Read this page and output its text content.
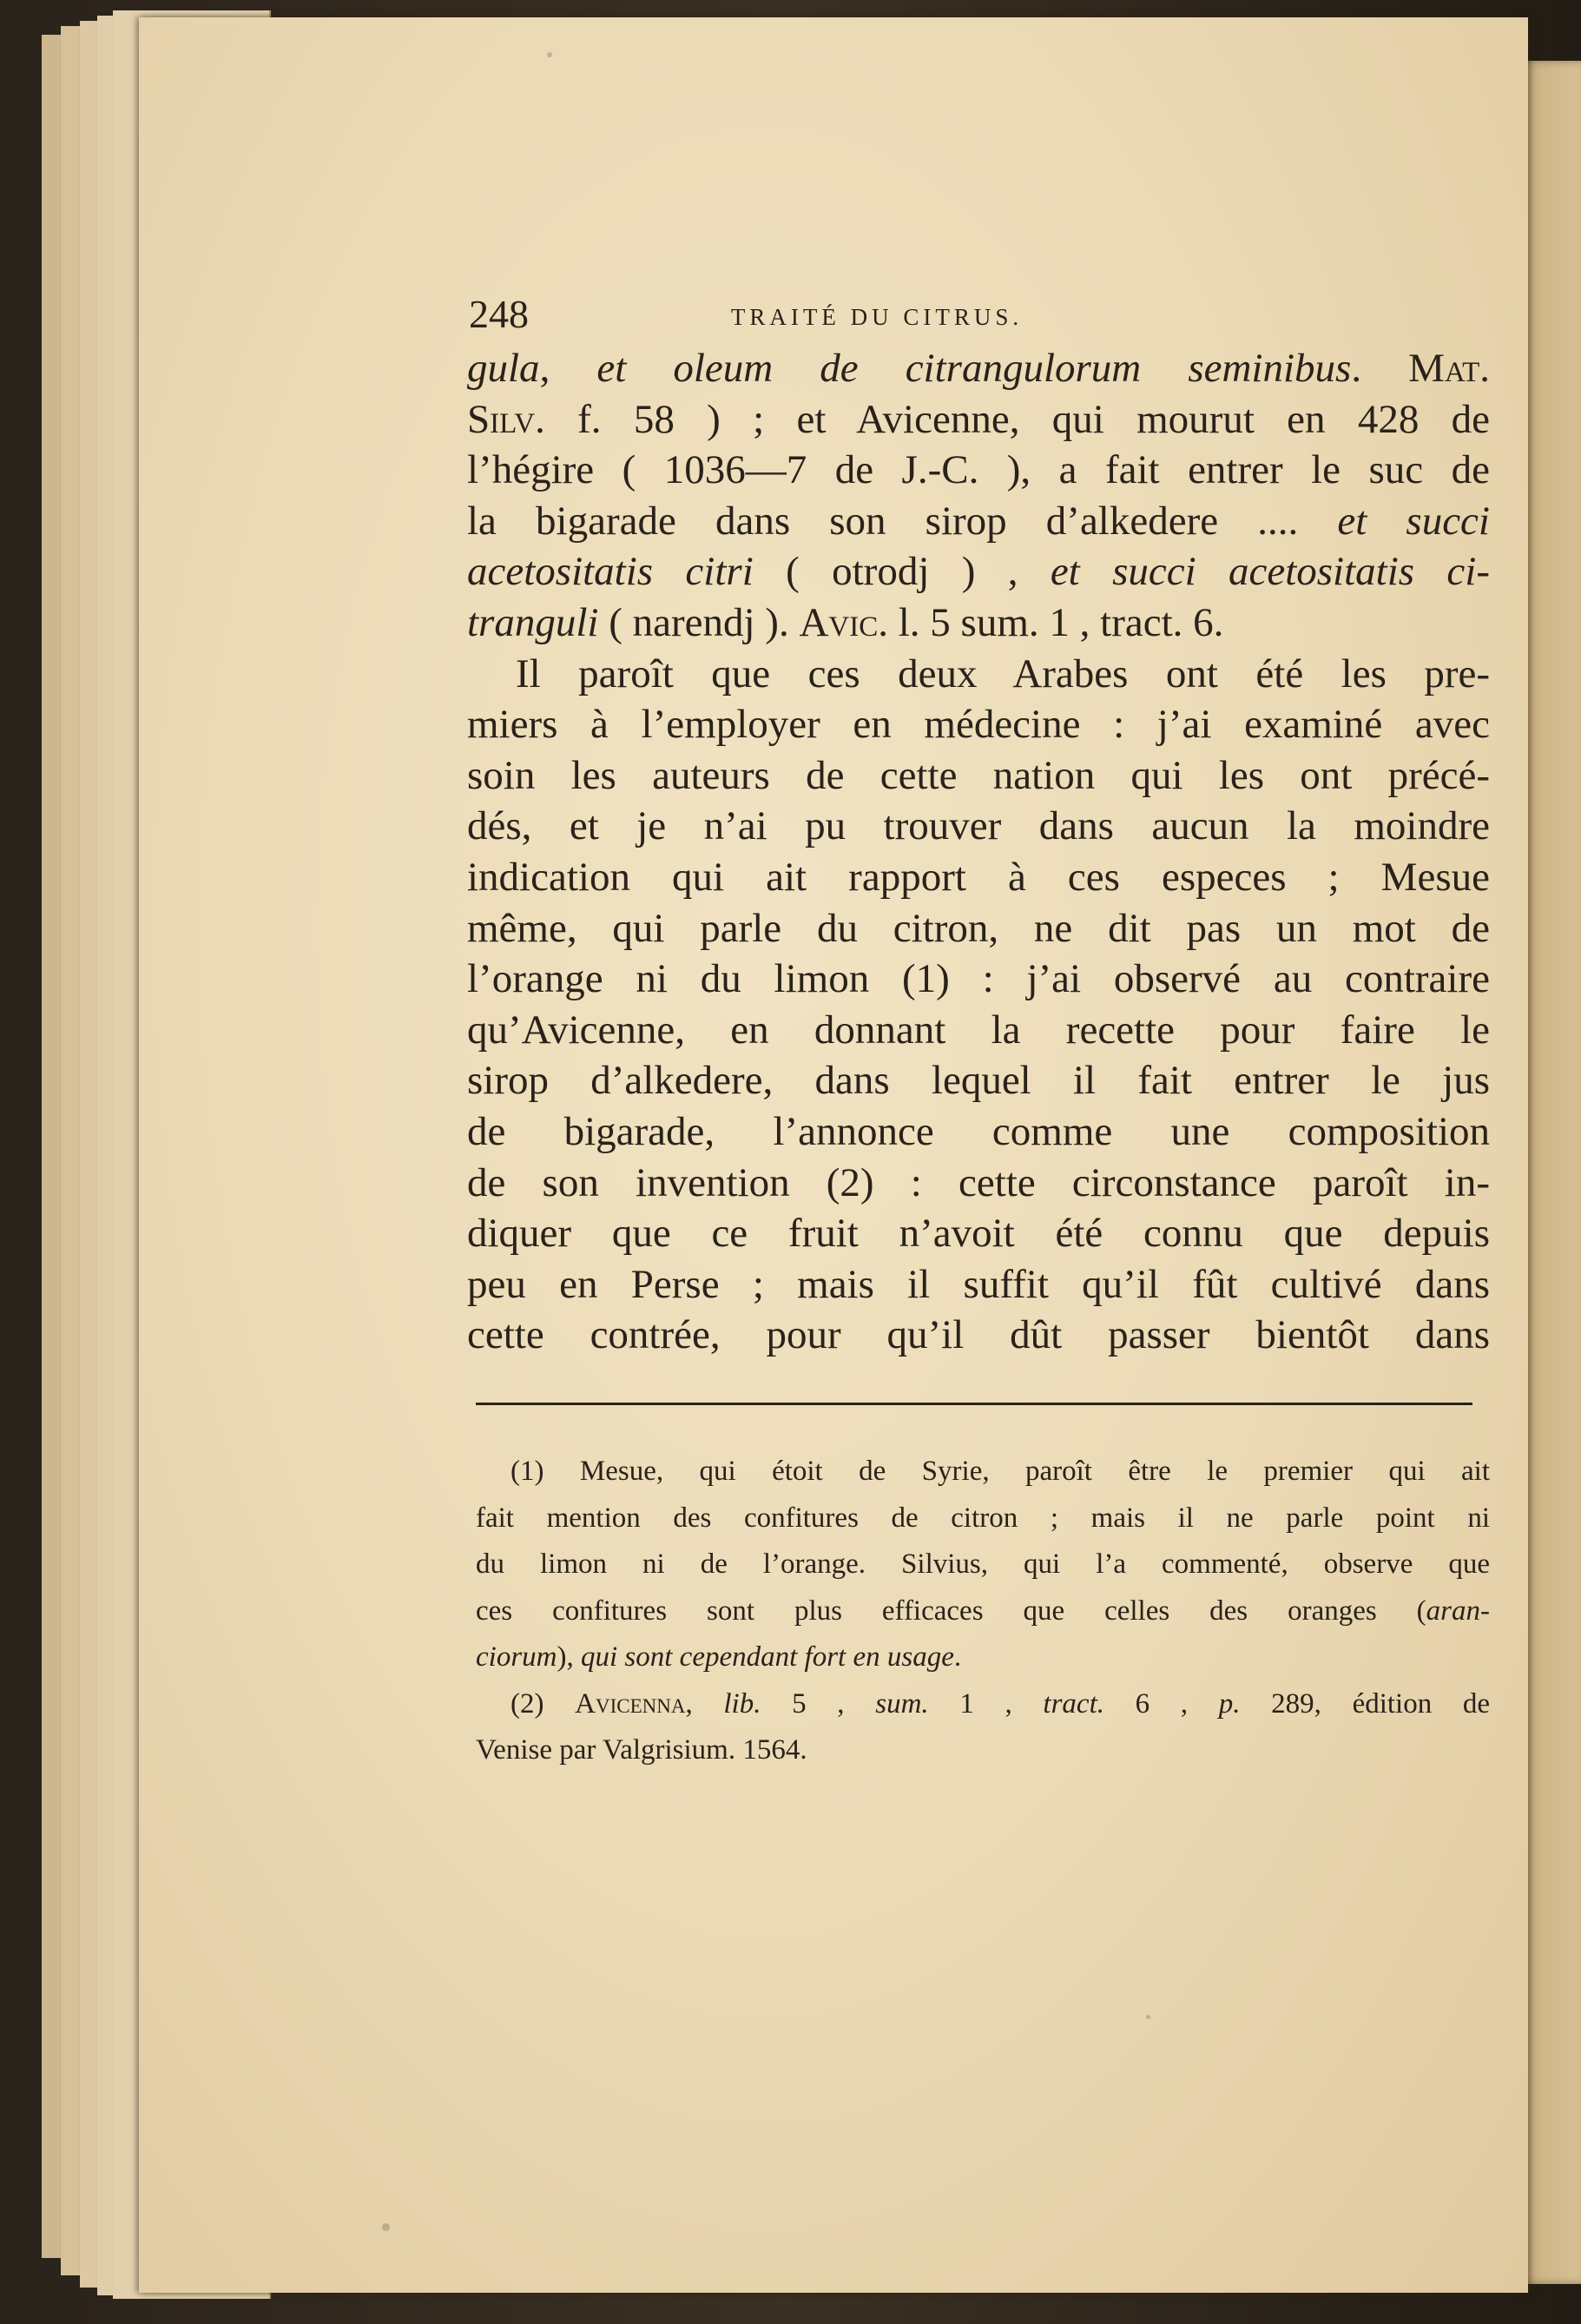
248	TRAITÉ DU CITRUS.
gula, et oleum de citrangulorum seminibus. Mat.
Silv. f. 58 ) ; et Avicenne, qui mourut en 428 de
l’hégire ( 1036—7 de J.-C. ), a fait entrer le suc de
la bigarade dans son sirop d’alkedere .... et succi
acetositatis citri ( otrodj ) , et succi acetositatis ci-
tranguli ( narendj ). Avic. l. 5 sum. 1 , tract. 6.
Il paroît que ces deux Arabes ont été les pre-
miers à l’employer en médecine : j’ai examiné avec
soin les auteurs de cette nation qui les ont précé-
dés, et je n’ai pu trouver dans aucun la moindre
indication qui ait rapport à ces especes ; Mesue
même, qui parle du citron, ne dit pas un mot de
l’orange ni du limon (1) : j’ai observé au contraire
qu’Avicenne, en donnant la recette pour faire le
sirop d’alkedere, dans lequel il fait entrer le jus
de bigarade, l’annonce comme une composition
de son invention (2) : cette circonstance paroît in-
diquer que ce fruit n’avoit été connu que depuis
peu en Perse ; mais il suffit qu’il fût cultivé dans
cette contrée, pour qu’il dût passer bientôt dans
(1) Mesue, qui étoit de Syrie, paroît être le premier qui ait
fait mention des confitures de citron ; mais il ne parle point ni
du limon ni de l’orange. Silvius, qui l’a commenté, observe que
ces confitures sont plus efficaces que celles des oranges (aran-
ciorum), qui sont cependant fort en usage.
(2) Avicenna, lib. 5 , sum. 1 , tract. 6 , p. 289, édition de
Venise par Valgrisium. 1564.
